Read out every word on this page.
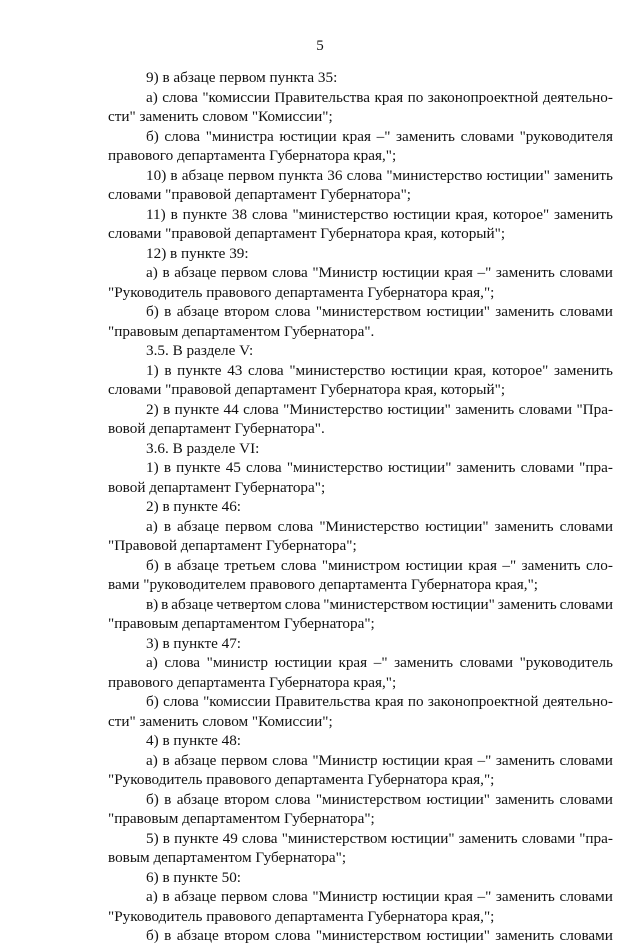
5
9) в абзаце первом пункта 35:
а) слова "комиссии Правительства края по законопроектной деятельно-
сти" заменить словом "Комиссии";
б) слова "министра юстиции края –" заменить словами "руководителя
правового департамента Губернатора края,";
10) в абзаце первом пункта 36 слова "министерство юстиции" заменить
словами "правовой департамент Губернатора";
11) в пункте 38 слова "министерство юстиции края, которое" заменить
словами "правовой департамент Губернатора края, который";
12) в пункте 39:
а) в абзаце первом слова "Министр юстиции края –" заменить словами
"Руководитель правового департамента Губернатора края,";
б) в абзаце втором слова "министерством юстиции" заменить словами
"правовым департаментом Губернатора".
3.5. В разделе V:
1) в пункте 43 слова "министерство юстиции края, которое" заменить
словами "правовой департамент Губернатора края, который";
2) в пункте 44 слова "Министерство юстиции" заменить словами "Пра-
вовой департамент Губернатора".
3.6. В разделе VI:
1) в пункте 45 слова "министерство юстиции" заменить словами "пра-
вовой департамент Губернатора";
2) в пункте 46:
а) в абзаце первом слова "Министерство юстиции" заменить словами
"Правовой департамент Губернатора";
б) в абзаце третьем слова "министром юстиции края –" заменить сло-
вами "руководителем правового департамента Губернатора края,";
в) в абзаце четвертом слова "министерством юстиции" заменить словами
"правовым департаментом Губернатора";
3) в пункте 47:
а) слова "министр юстиции края –" заменить словами "руководитель
правового департамента Губернатора края,";
б) слова "комиссии Правительства края по законопроектной деятельно-
сти" заменить словом "Комиссии";
4) в пункте 48:
а) в абзаце первом слова "Министр юстиции края –" заменить словами
"Руководитель правового департамента Губернатора края,";
б) в абзаце втором слова "министерством юстиции" заменить словами
"правовым департаментом Губернатора";
5) в пункте 49 слова "министерством юстиции" заменить словами "пра-
вовым департаментом Губернатора";
6) в пункте 50:
а) в абзаце первом слова "Министр юстиции края –" заменить словами
"Руководитель правового департамента Губернатора края,";
б) в абзаце втором слова "министерством юстиции" заменить словами
